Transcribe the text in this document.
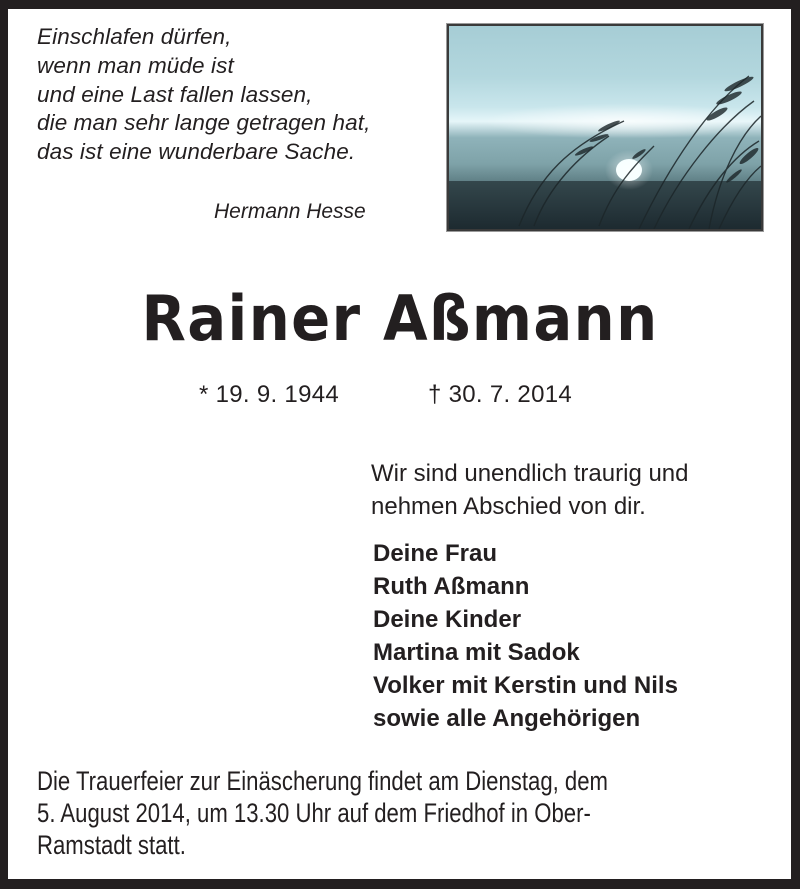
Einschlafen dürfen,
wenn man müde ist
und eine Last fallen lassen,
die man sehr lange getragen hat,
das ist eine wunderbare Sache.
Hermann Hesse
Rainer Aßmann
* 19. 9. 1944	† 30. 7. 2014
Wir sind unendlich traurig und
nehmen Abschied von dir.
Deine Frau
Ruth Aßmann
Deine Kinder
Martina mit Sadok
Volker mit Kerstin und Nils
sowie alle Angehörigen
Die Trauerfeier zur Einäscherung findet am Dienstag, dem
5. August 2014, um 13.30 Uhr auf dem Friedhof in Ober-
Ramstadt statt.
